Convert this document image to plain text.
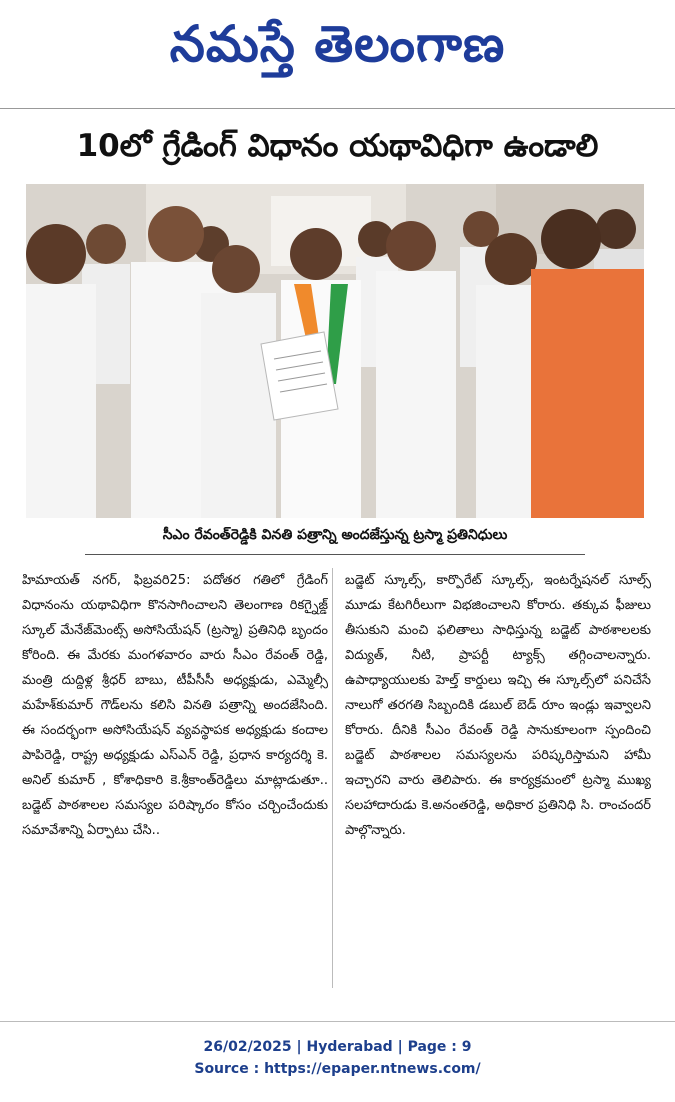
నమస్తే తెలంగాణ
10లో గ్రేడింగ్ విధానం యథావిధిగా ఉండాలి
సీఎం రేవంత్‌రెడ్డికి వినతి పత్రాన్ని అందజేస్తున్న ట్రస్మా ప్రతినిధులు
హిమాయత్ నగర్, ఫిబ్రవరి25: పదోతర గతిలో గ్రేడింగ్ విధానంను యథావిధిగా కొనసాగించాలని తెలంగాణ రికగ్నైజ్డ్ స్కూల్ మేనేజ్‌మెంట్స్ అసోసియేషన్ (ట్రస్మా) ప్రతినిధి బృందం కోరింది. ఈ మేరకు మంగళవారం వారు సీఎం రేవంత్ రెడ్డి, మంత్రి దుద్దిళ్ల శ్రీధర్ బాబు, టీపీసీసీ అధ్యక్షుడు, ఎమ్మెల్సీ మహేశ్‌కుమార్ గౌడ్‌లను కలిసి వినతి పత్రాన్ని అందజేసింది. ఈ సందర్భంగా అసోసియేషన్ వ్యవస్థాపక అధ్యక్షుడు కందాల పాపిరెడ్డి, రాష్ట్ర అధ్యక్షుడు ఎస్ఎన్ రెడ్డి, ప్రధాన కార్యదర్శి కె. అనిల్ కుమార్ , కోశాధికారి కె.శ్రీకాంత్‌రెడ్డిలు మాట్లాడుతూ.. బడ్జెట్ పాఠశాలల సమస్యల పరిష్కారం కోసం చర్చించేందుకు సమావేశాన్ని ఏర్పాటు చేసి..
బడ్జెట్ స్కూల్స్, కార్పొరేట్ స్కూల్స్, ఇంటర్నేషనల్ సూల్స్ మూడు కేటగిరీలుగా విభజించాలని కోరారు. తక్కువ ఫీజులు తీసుకుని మంచి ఫలితాలు సాధిస్తున్న బడ్జెట్ పాఠశాలలకు విద్యుత్, నీటి, ప్రాపర్టీ ట్యాక్స్ తగ్గించాలన్నారు. ఉపాధ్యాయులకు హెల్త్ కార్డులు ఇచ్చి ఈ స్కూల్స్‌లో పనిచేసే నాలుగో తరగతి సిబ్బందికి డబుల్ బెడ్ రూం ఇండ్లు ఇవ్వాలని కోరారు. దీనికి సీఎం రేవంత్ రెడ్డి సానుకూలంగా స్పందించి బడ్జెట్ పాఠశాలల సమస్యలను పరిష్కరిస్తామని హామీ ఇచ్చారని వారు తెలిపారు. ఈ కార్యక్రమంలో ట్రస్మా ముఖ్య సలహాదారుడు కె.అనంతరెడ్డి, అధికార ప్రతినిధి సి. రాంచందర్ పాల్గొన్నారు.
26/02/2025 | Hyderabad | Page : 9
Source : https://epaper.ntnews.com/
